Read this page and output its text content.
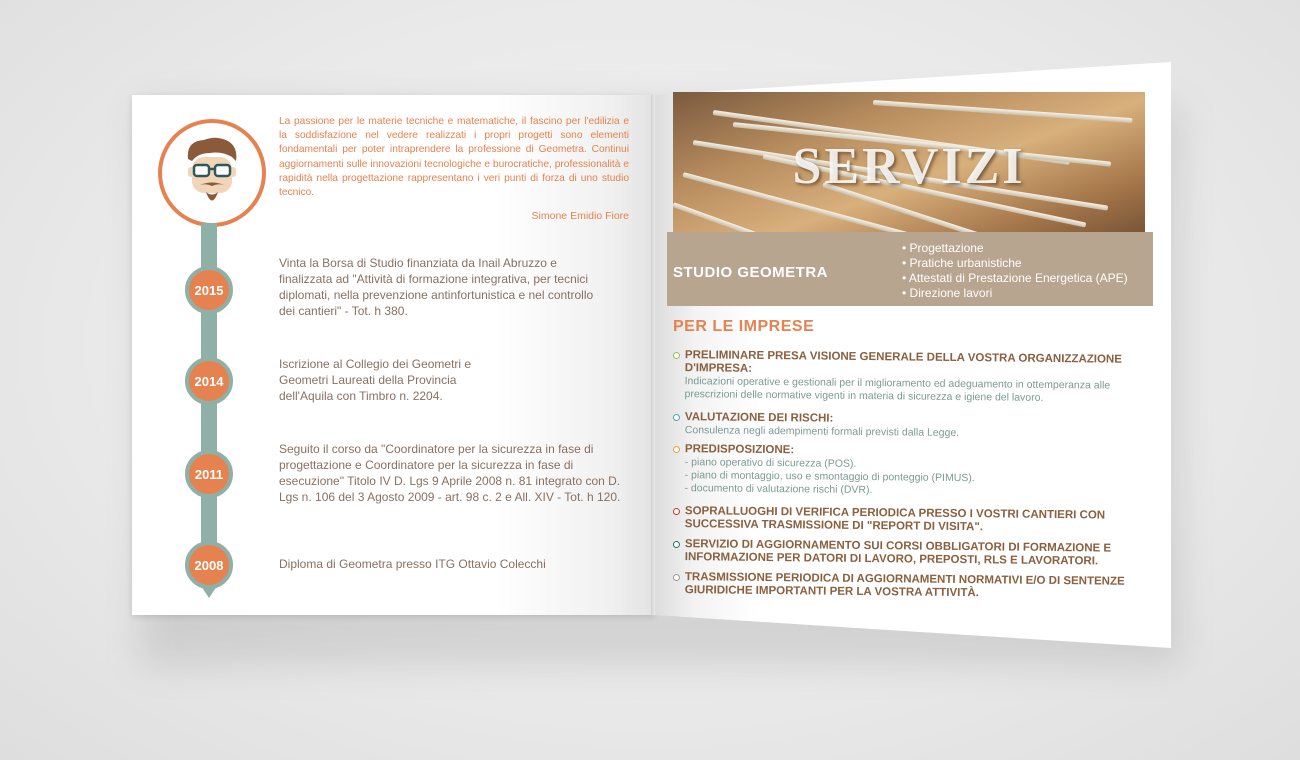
2015
2014
2011
2008
La passione per le materie tecniche e matematiche, il fascino per l'edilizia e la soddisfazione nel vedere realizzati i propri progetti sono elementi fondamentali per poter intraprendere la professione di Geometra. Continui aggiornamenti sulle innovazioni tecnologiche e burocratiche, professionalità e rapidità nella progettazione rappresentano i veri punti di forza di uno studio tecnico.
Simone Emidio Fiore
Vinta la Borsa di Studio finanziata da Inail Abruzzo e finalizzata ad "Attività di formazione integrativa, per tecnici diplomati, nella prevenzione antinfortunistica e nel controllo dei cantieri" - Tot. h 380.
Iscrizione al Collegio dei Geometri e Geometri Laureati della Provincia dell'Aquila con Timbro n. 2204.
Seguito il corso da "Coordinatore per la sicurezza in fase di progettazione e Coordinatore per la sicurezza in fase di esecuzione" Titolo IV D. Lgs 9 Aprile 2008 n. 81 integrato con D. Lgs n. 106 del 3 Agosto 2009 - art. 98 c. 2 e All. XIV - Tot. h 120.
Diploma di Geometra presso ITG Ottavio Colecchi
SERVIZI
STUDIO GEOMETRA
• Progettazione
• Pratiche urbanistiche
• Attestati di Prestazione Energetica (APE)
• Direzione lavori
PER LE IMPRESE
PRELIMINARE PRESA VISIONE GENERALE DELLA VOSTRA ORGANIZZAZIONE D'IMPRESA:
Indicazioni operative e gestionali per il miglioramento ed adeguamento in ottemperanza alle prescrizioni delle normative vigenti in materia di sicurezza e igiene del lavoro.
VALUTAZIONE DEI RISCHI:
Consulenza negli adempimenti formali previsti dalla Legge.
PREDISPOSIZIONE:
- piano operativo di sicurezza (POS).
- piano di montaggio, uso e smontaggio di ponteggio (PIMUS).
- documento di valutazione rischi (DVR).
SOPRALLUOGHI DI VERIFICA PERIODICA PRESSO I VOSTRI CANTIERI CON SUCCESSIVA TRASMISSIONE DI "REPORT DI VISITA".
SERVIZIO DI AGGIORNAMENTO SUI CORSI OBBLIGATORI DI FORMAZIONE E INFORMAZIONE PER DATORI DI LAVORO, PREPOSTI, RLS E LAVORATORI.
TRASMISSIONE PERIODICA DI AGGIORNAMENTI NORMATIVI E/O DI SENTENZE GIURIDICHE IMPORTANTI PER LA VOSTRA ATTIVITÀ.
